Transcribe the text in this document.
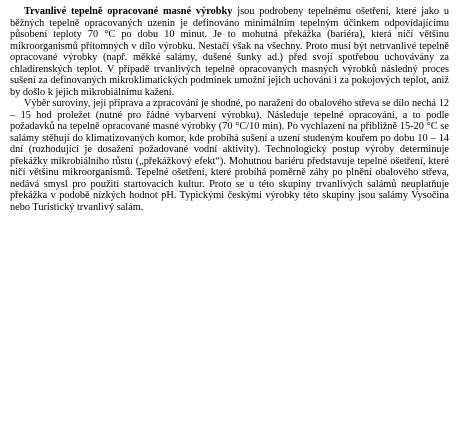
Trvanlivé tepelně opracované masné výrobky jsou podrobeny tepelnému ošetření, které jako u běžných tepelně opracovaných uzenin je definováno minimálním tepelným účinkem odpovídajícímu působení teploty 70 °C po dobu 10 minut. Je to mohutná překážka (bariéra), která ničí většinu mikroorganismů přítomných v dílo výrobku. Nestačí však na všechny. Proto musí být netrvanlivé tepelně opracované výrobky (např. měkké salámy, dušené šunky ad.) před svojí spotřebou uchovávány za chladírenských teplot. V případě trvanlivých tepelně opracovaných masných výrobků následný proces sušení za definovaných mikroklimatických podmínek umožní jejich uchování i za pokojových teplot, aniž by došlo k jejich mikrobiálnímu kažení.

Výběr suroviny, její příprava a zpracování je shodné, po naražení do obalového střeva se dílo nechá 12 – 15 hod proležet (nutné pro řádné vybarvení výrobku). Následuje tepelné opracování, a to podle požadavků na tepelně opracované masné výrobky (70 °C/10 min). Po vychlazení na přibližně 15-20 °C se salámy stěhují do klimatizovaných komor, kde probíhá sušení a uzení studeným kouřem po dobu 10 – 14 dní (rozhodující je dosažení požadované vodní aktivity). Technologický postup výroby determinuje překážky mikrobiálního růstu („překážkový efekt“). Mohutnou bariéru představuje tepelné ošetření, které ničí většinu mikroorganismů. Tepelné ošetření, které probíhá poměrně záhy po plnění obalového střeva, nedává smysl pro použití startovacích kultur. Proto se u této skupiny trvanlivých salámů neuplatňuje překážka v podobě nízkých hodnot pH. Typickými českými výrobky této skupiny jsou salámy Vysočina nebo Turistický trvanlivý salám.
